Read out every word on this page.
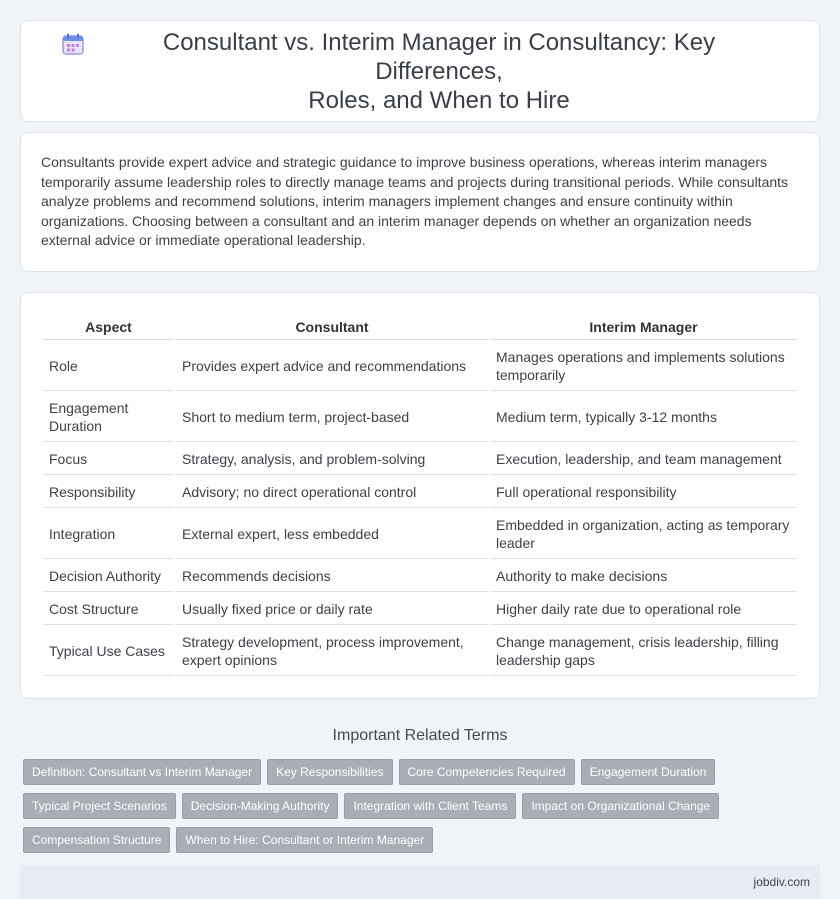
Consultant vs. Interim Manager in Consultancy: Key Differences,
Roles, and When to Hire

Consultants provide expert advice and strategic guidance to improve business operations, whereas interim managers temporarily assume leadership roles to directly manage teams and projects during transitional periods. While consultants analyze problems and recommend solutions, interim managers implement changes and ensure continuity within organizations. Choosing between a consultant and an interim manager depends on whether an organization needs external advice or immediate operational leadership.

Aspect	Consultant	Interim Manager
Role	Provides expert advice and recommendations	Manages operations and implements solutions temporarily
Engagement Duration	Short to medium term, project-based	Medium term, typically 3-12 months
Focus	Strategy, analysis, and problem-solving	Execution, leadership, and team management
Responsibility	Advisory; no direct operational control	Full operational responsibility
Integration	External expert, less embedded	Embedded in organization, acting as temporary leader
Decision Authority	Recommends decisions	Authority to make decisions
Cost Structure	Usually fixed price or daily rate	Higher daily rate due to operational role
Typical Use Cases	Strategy development, process improvement, expert opinions	Change management, crisis leadership, filling leadership gaps
Important Related Terms
Definition: Consultant vs Interim Manager	Key Responsibilities	Core Competencies Required	Engagement Duration
Typical Project Scenarios	Decision-Making Authority	Integration with Client Teams	Impact on Organizational Change
Compensation Structure	When to Hire: Consultant or Interim Manager
jobdiv.com
